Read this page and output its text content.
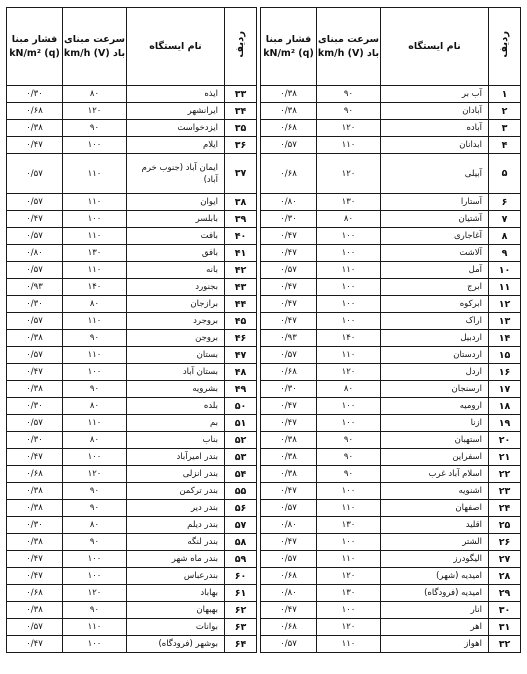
ردیف	نام ایستگاه	سرعت مبنای باد (V) km/h	فشار مبنا (q) kN/m²
۱	آب بر	۹۰	۰/۳۸
۲	آبادان	۹۰	۰/۳۸
۳	آباده	۱۲۰	۰/۶۸
۴	ابدانان	۱۱۰	۰/۵۷
۵	آبیلی	۱۲۰	۰/۶۸
۶	آستارا	۱۳۰	۰/۸۰
۷	آشتیان	۸۰	۰/۳۰
۸	آغاجاری	۱۰۰	۰/۴۷
۹	آلاشت	۱۰۰	۰/۴۷
۱۰	آمل	۱۱۰	۰/۵۷
۱۱	ابرج	۱۰۰	۰/۴۷
۱۲	ابرکوه	۱۰۰	۰/۴۷
۱۳	اراک	۱۰۰	۰/۴۷
۱۴	اردبیل	۱۴۰	۰/۹۳
۱۵	اردستان	۱۱۰	۰/۵۷
۱۶	اردل	۱۲۰	۰/۶۸
۱۷	ارسنجان	۸۰	۰/۳۰
۱۸	ارومیه	۱۰۰	۰/۴۷
۱۹	ازنا	۱۰۰	۰/۴۷
۲۰	استهبان	۹۰	۰/۳۸
۲۱	اسفراین	۹۰	۰/۳۸
۲۲	اسلام آباد غرب	۹۰	۰/۳۸
۲۳	اشنویه	۱۰۰	۰/۴۷
۲۴	اصفهان	۱۱۰	۰/۵۷
۲۵	اقلید	۱۳۰	۰/۸۰
۲۶	الشتر	۱۰۰	۰/۴۷
۲۷	الیگودرز	۱۱۰	۰/۵۷
۲۸	امیدیه (شهر)	۱۲۰	۰/۶۸
۲۹	امیدیه (فرودگاه)	۱۳۰	۰/۸۰
۳۰	انار	۱۰۰	۰/۴۷
۳۱	اهر	۱۲۰	۰/۶۸
۳۲	اهواز	۱۱۰	۰/۵۷
ردیف	نام ایستگاه	سرعت مبنای باد (V) km/h	فشار مبنا (q) kN/m²
۳۳	ایذه	۸۰	۰/۳۰
۳۴	ایرانشهر	۱۲۰	۰/۶۸
۳۵	ایزدخواست	۹۰	۰/۳۸
۳۶	ایلام	۱۰۰	۰/۴۷
۳۷	ایمان آباد (جنوب خرم آباد)	۱۱۰	۰/۵۷
۳۸	ایوان	۱۱۰	۰/۵۷
۳۹	بابلسر	۱۰۰	۰/۴۷
۴۰	بافت	۱۱۰	۰/۵۷
۴۱	بافق	۱۳۰	۰/۸۰
۴۲	بانه	۱۱۰	۰/۵۷
۴۳	بجنورد	۱۴۰	۰/۹۳
۴۴	برازجان	۸۰	۰/۳۰
۴۵	بروجرد	۱۱۰	۰/۵۷
۴۶	بروجن	۹۰	۰/۳۸
۴۷	بستان	۱۱۰	۰/۵۷
۴۸	بستان آباد	۱۰۰	۰/۴۷
۴۹	بشرویه	۹۰	۰/۳۸
۵۰	بلده	۸۰	۰/۳۰
۵۱	بم	۱۱۰	۰/۵۷
۵۲	بناب	۸۰	۰/۳۰
۵۳	بندر امیرآباد	۱۰۰	۰/۴۷
۵۴	بندر انزلی	۱۲۰	۰/۶۸
۵۵	بندر ترکمن	۹۰	۰/۳۸
۵۶	بندر دیر	۹۰	۰/۳۸
۵۷	بندر دیلم	۸۰	۰/۳۰
۵۸	بندر لنگه	۹۰	۰/۳۸
۵۹	بندر ماه شهر	۱۰۰	۰/۴۷
۶۰	بندرعباس	۱۰۰	۰/۴۷
۶۱	بهاباد	۱۲۰	۰/۶۸
۶۲	بهبهان	۹۰	۰/۳۸
۶۳	بوانات	۱۱۰	۰/۵۷
۶۴	بوشهر (فرودگاه)	۱۰۰	۰/۴۷
